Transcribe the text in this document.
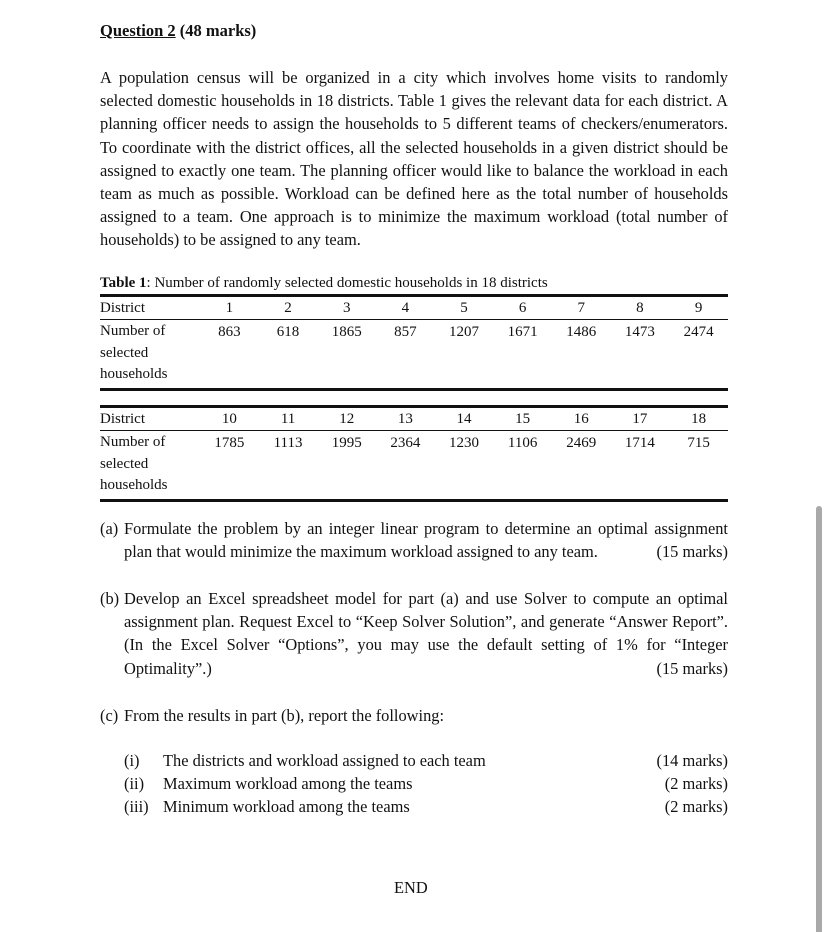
Question 2 (48 marks)

A population census will be organized in a city which involves home visits to randomly selected domestic households in 18 districts. Table 1 gives the relevant data for each district. A planning officer needs to assign the households to 5 different teams of checkers/enumerators. To coordinate with the district offices, all the selected households in a given district should be assigned to exactly one team. The planning officer would like to balance the workload in each team as much as possible. Workload can be defined here as the total number of households assigned to a team. One approach is to minimize the maximum workload (total number of households) to be assigned to any team.

Table 1: Number of randomly selected domestic households in 18 districts
District	1	2	3	4	5	6	7	8	9

Number of
selected
households	863	618	1865	857	1207	1671	1486	1473	2474
District	10	11	12	13	14	15	16	17	18

Number of
selected
households	1785	1113	1995	2364	1230	1106	2469	1714	715
(a) Formulate the problem by an integer linear program to determine an optimal assignment plan that would minimize the maximum workload assigned to any team.	(15 marks)
(b) Develop an Excel spreadsheet model for part (a) and use Solver to compute an optimal assignment plan. Request Excel to “Keep Solver Solution”, and generate “Answer Report”. (In the Excel Solver “Options”, you may use the default setting of 1% for “Integer Optimality”.)	(15 marks)
(c) From the results in part (b), report the following:
(i) The districts and workload assigned to each team	(14 marks)
(ii) Maximum workload among the teams	(2 marks)
(iii) Minimum workload among the teams	(2 marks)
END
